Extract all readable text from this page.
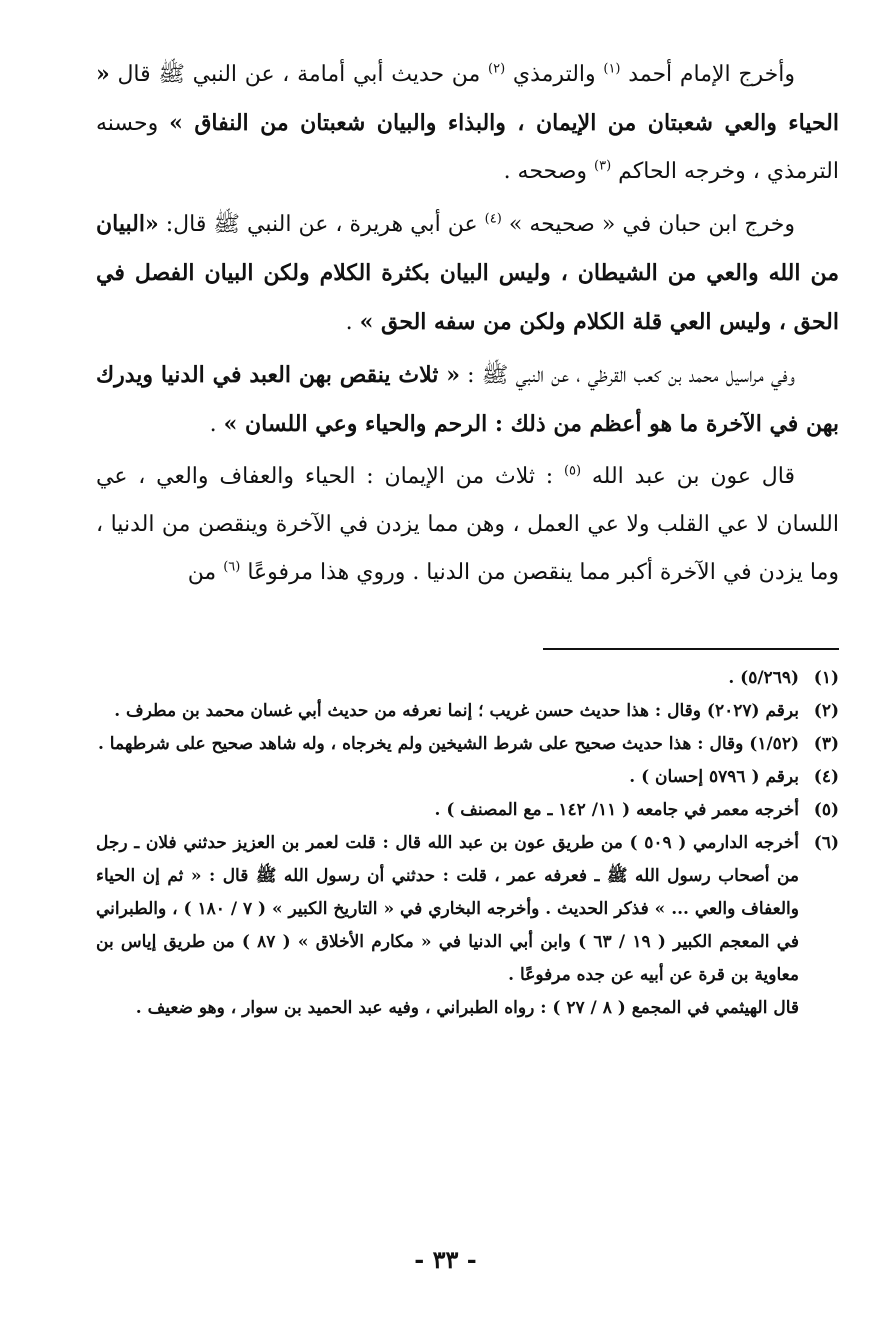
وأخرج الإمام أحمد $^{(١)}$ والترمذي $^{(٢)}$ من حديث أبي أمامة ، عن النبي ﷺ قال « الحياء والعي شعبتان من الإيمان ، والبذاء والبيان شعبتان من النفاق » وحسنه الترمذي ، وخرجه الحاكم $^{(٣)}$ وصححه .

وخرج ابن حبان في « صحيحه » $^{(٤)}$ عن أبي هريرة ، عن النبي ﷺ قال: «البيان من الله والعي من الشيطان ، وليس البيان بكثرة الكلام ولكن البيان الفصل في الحق ، وليس العي قلة الكلام ولكن من سفه الحق » .

وفي مراسيل محمد بن كعب القرظي ، عن النبي ﷺ : « ثلاث ينقص بهن العبد في الدنيا ويدرك بهن في الآخرة ما هو أعظم من ذلك : الرحم والحياء وعي اللسان » .

قال عون بن عبد الله $^{(٥)}$ : ثلاث من الإيمان : الحياء والعفاف والعي ، عي اللسان لا عي القلب ولا عي العمل ، وهن مما يزدن في الآخرة وينقصن من الدنيا ، وما يزدن في الآخرة أكبر مما ينقصن من الدنيا . وروي هذا مرفوعًا $^{(٦)}$ من

(١)
(٥/٢٦٩) .
(٢)
برقم (٢٠٢٧) وقال : هذا حديث حسن غريب ؛ إنما نعرفه من حديث أبي غسان محمد بن مطرف .
(٣)
(١/٥٢) وقال : هذا حديث صحيح على شرط الشيخين ولم يخرجاه ، وله شاهد صحيح على شرطهما .
(٤)
برقم ( ٥٧٩٦ إحسان ) .
(٥)
أخرجه معمر في جامعه ( ١١/ ١٤٢ ـ مع المصنف ) .
(٦)
أخرجه الدارمي ( ٥٠٩ ) من طريق عون بن عبد الله قال : قلت لعمر بن العزيز حدثني فلان ـ رجل من أصحاب رسول الله ﷺ ـ فعرفه عمر ، قلت : حدثني أن رسول الله ﷺ قال : « ثم إن الحياء والعفاف والعي ... » فذكر الحديث . وأخرجه البخاري في « التاريخ الكبير » ( ٧ / ١٨٠ ) ، والطبراني في المعجم الكبير ( ١٩ / ٦٣ ) وابن أبي الدنيا في « مكارم الأخلاق » ( ٨٧ ) من طريق إياس بن معاوية بن قرة عن أبيه عن جده مرفوعًا .
قال الهيثمي في المجمع ( ٨ / ٢٧ ) : رواه الطبراني ، وفيه عبد الحميد بن سوار ، وهو ضعيف .
- ٣٣ -
